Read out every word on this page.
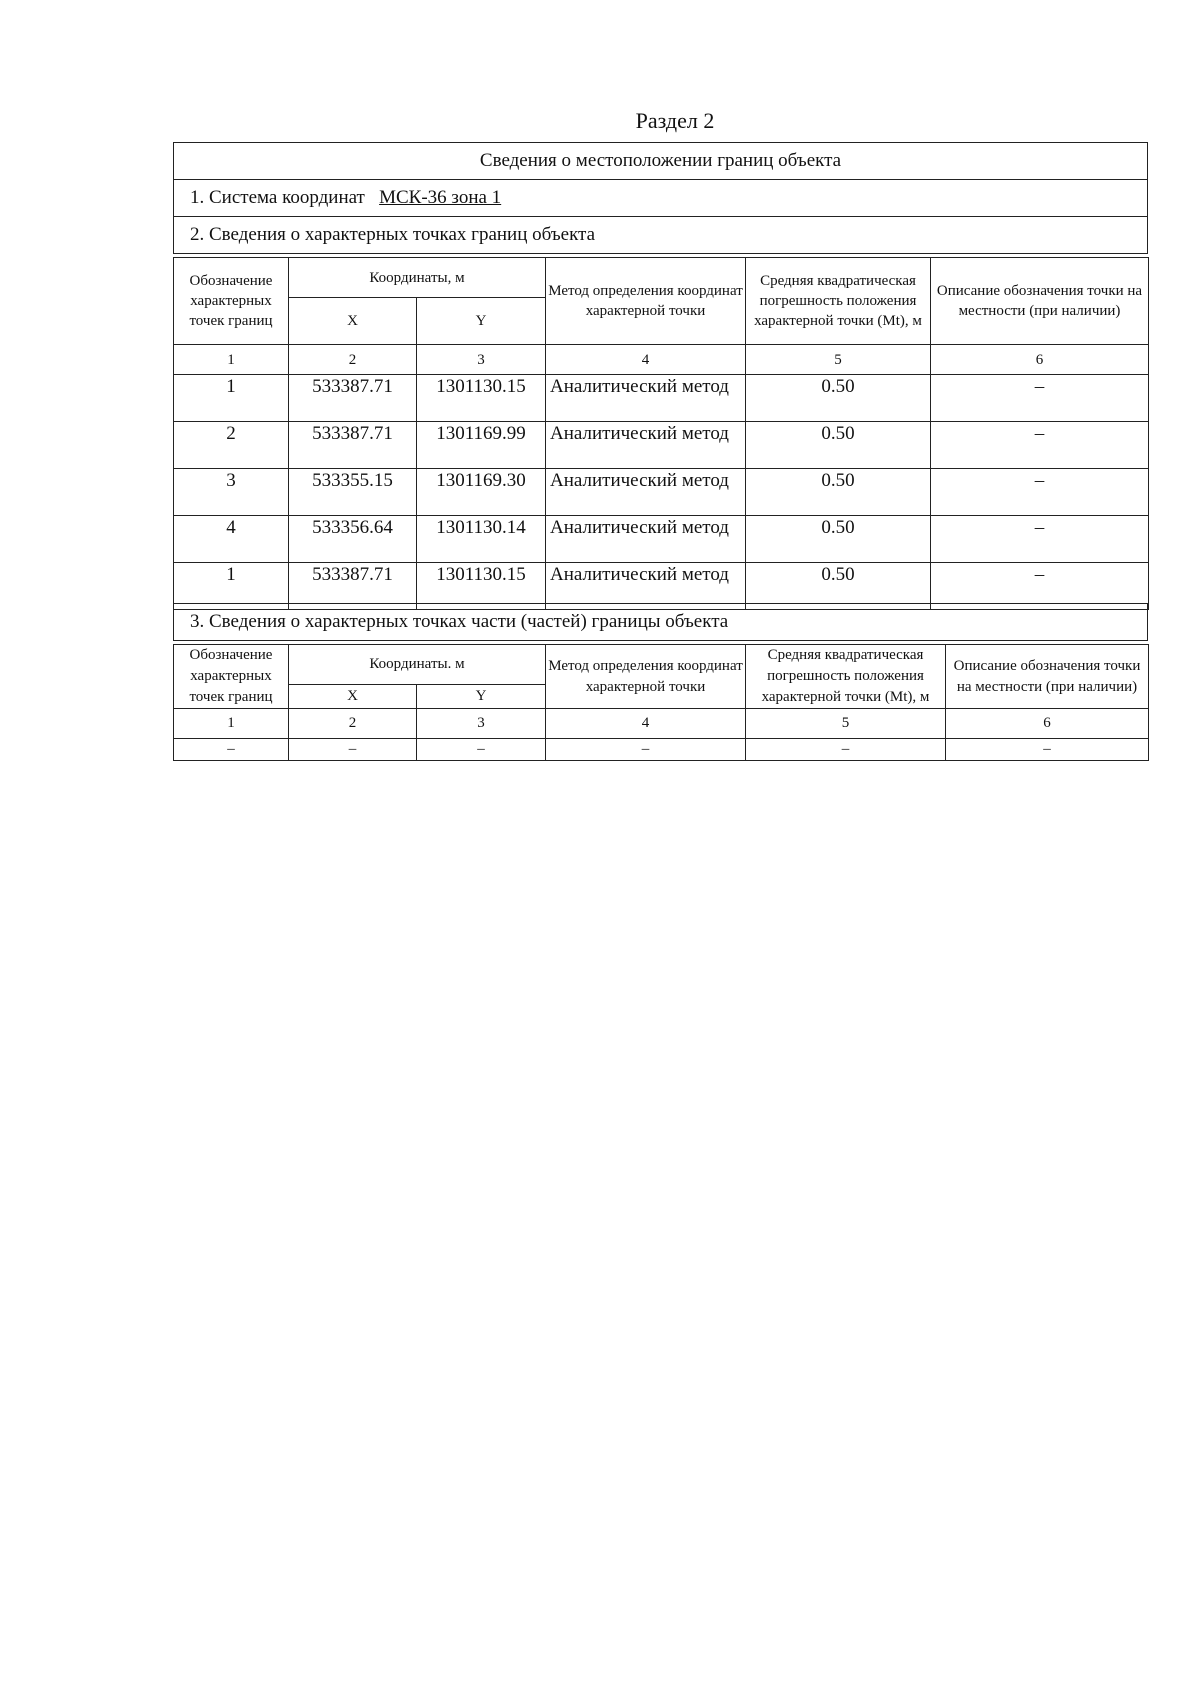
Раздел 2
Сведения о местоположении границ объекта
1. Система координат МСК-36 зона 1
2. Сведения о характерных точках границ объекта
Обозначение характерных точек границ	Координаты, м		Метод определения координат характерной точки	Средняя квадратическая погрешность положения характерной точки (Mt), м	Описание обозначения точки на местности (при наличии)
	X	Y			
1	2	3	4	5	6
1	533387.71	1301130.15	Аналитический метод	0.50	–
2	533387.71	1301169.99	Аналитический метод	0.50	–
3	533355.15	1301169.30	Аналитический метод	0.50	–
4	533356.64	1301130.14	Аналитический метод	0.50	–
1	533387.71	1301130.15	Аналитический метод	0.50	–
3. Сведения о характерных точках части (частей) границы объекта
Обозначение характерных точек границ	Координаты. м		Метод определения координат характерной точки	Средняя квадратическая погрешность положения характерной точки (Mt), м	Описание обозначения точки на местности (при наличии)
	X	Y			
1	2	3	4	5	6
–	–	–	–	–	–
